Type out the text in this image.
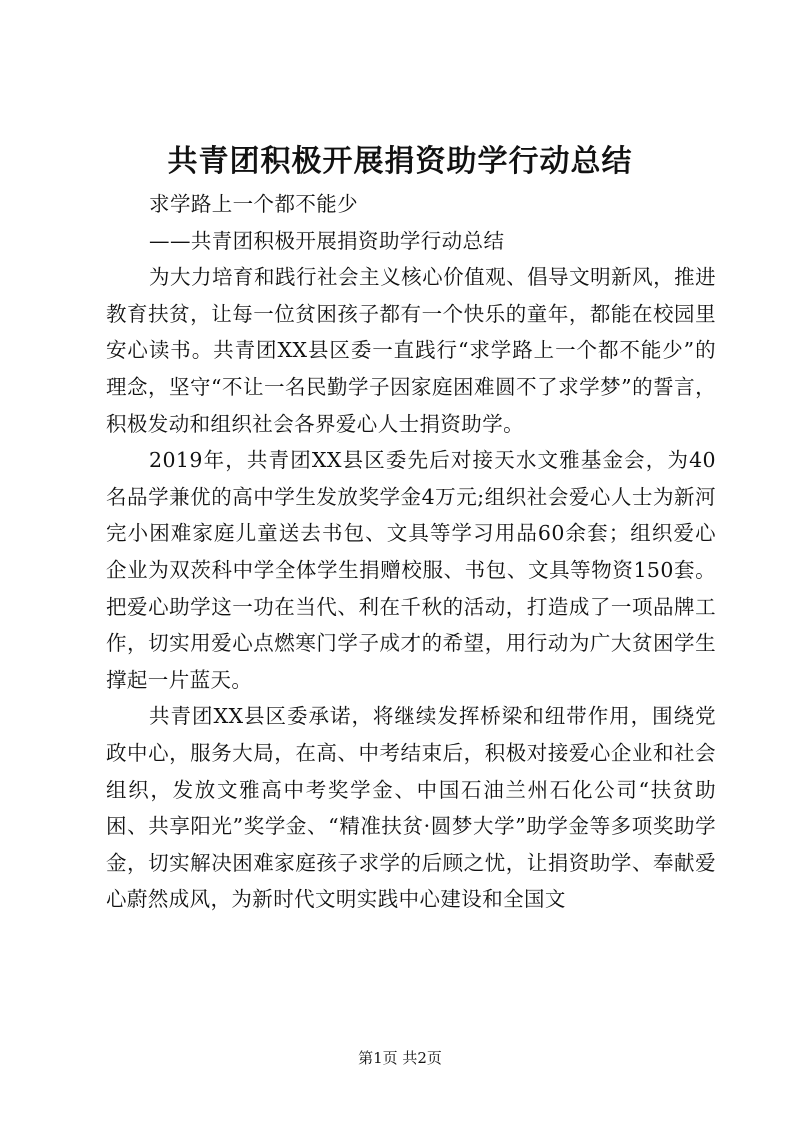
共青团积极开展捐资助学行动总结

求学路上一个都不能少

——共青团积极开展捐资助学行动总结

为大力培育和践行社会主义核心价值观、倡导文明新风，推进教育扶贫，让每一位贫困孩子都有一个快乐的童年，都能在校园里安心读书。共青团XX县区委一直践行“求学路上一个都不能少”的理念，坚守“不让一名民勤学子因家庭困难圆不了求学梦”的誓言，积极发动和组织社会各界爱心人士捐资助学。

2019年，共青团XX县区委先后对接天水文雅基金会，为40名品学兼优的高中学生发放奖学金4万元;组织社会爱心人士为新河完小困难家庭儿童送去书包、文具等学习用品60余套；组织爱心企业为双茨科中学全体学生捐赠校服、书包、文具等物资150套。把爱心助学这一功在当代、利在千秋的活动，打造成了一项品牌工作，切实用爱心点燃寒门学子成才的希望，用行动为广大贫困学生撑起一片蓝天。

共青团XX县区委承诺，将继续发挥桥梁和纽带作用，围绕党政中心，服务大局，在高、中考结束后，积极对接爱心企业和社会组织，发放文雅高中考奖学金、中国石油兰州石化公司“扶贫助困、共享阳光”奖学金、“精准扶贫·圆梦大学”助学金等多项奖助学金，切实解决困难家庭孩子求学的后顾之忧，让捐资助学、奉献爱心蔚然成风，为新时代文明实践中心建设和全国文

第1页 共2页
